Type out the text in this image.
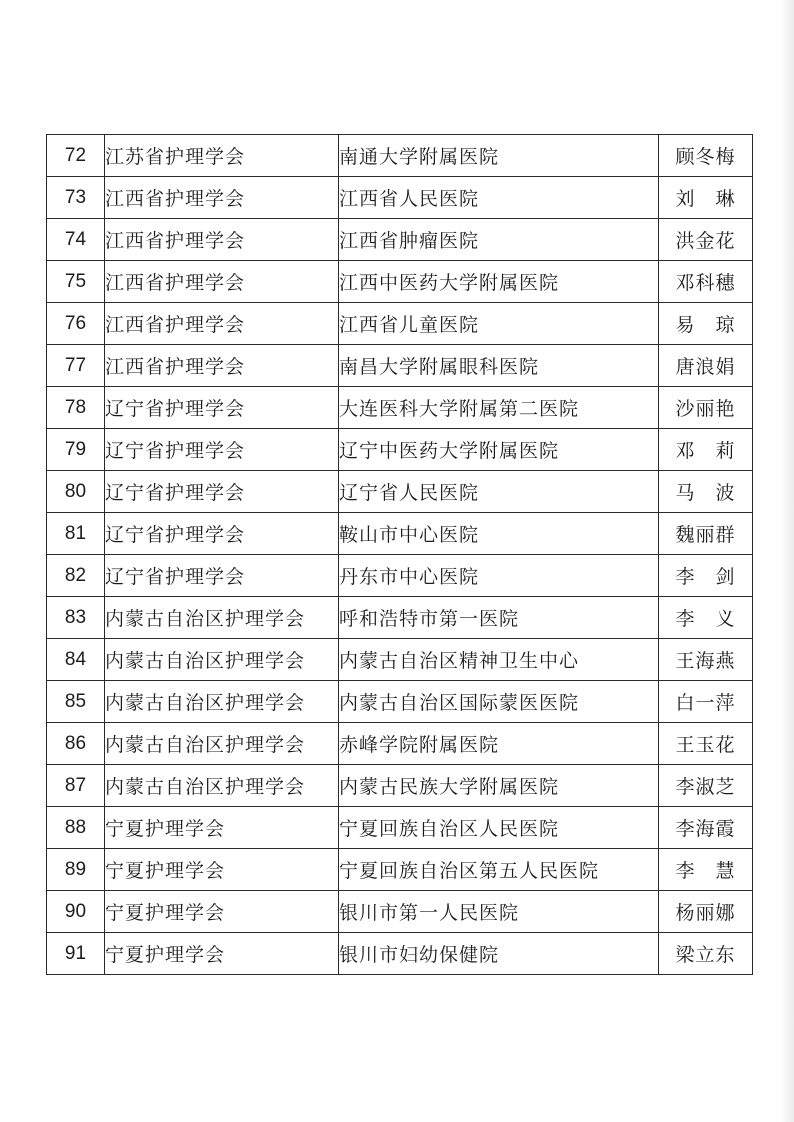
72	江苏省护理学会	南通大学附属医院	顾冬梅
73	江西省护理学会	江西省人民医院	刘　琳
74	江西省护理学会	江西省肿瘤医院	洪金花
75	江西省护理学会	江西中医药大学附属医院	邓科穗
76	江西省护理学会	江西省儿童医院	易　琼
77	江西省护理学会	南昌大学附属眼科医院	唐浪娟
78	辽宁省护理学会	大连医科大学附属第二医院	沙丽艳
79	辽宁省护理学会	辽宁中医药大学附属医院	邓　莉
80	辽宁省护理学会	辽宁省人民医院	马　波
81	辽宁省护理学会	鞍山市中心医院	魏丽群
82	辽宁省护理学会	丹东市中心医院	李　剑
83	内蒙古自治区护理学会	呼和浩特市第一医院	李　义
84	内蒙古自治区护理学会	内蒙古自治区精神卫生中心	王海燕
85	内蒙古自治区护理学会	内蒙古自治区国际蒙医医院	白一萍
86	内蒙古自治区护理学会	赤峰学院附属医院	王玉花
87	内蒙古自治区护理学会	内蒙古民族大学附属医院	李淑芝
88	宁夏护理学会	宁夏回族自治区人民医院	李海霞
89	宁夏护理学会	宁夏回族自治区第五人民医院	李　慧
90	宁夏护理学会	银川市第一人民医院	杨丽娜
91	宁夏护理学会	银川市妇幼保健院	梁立东
